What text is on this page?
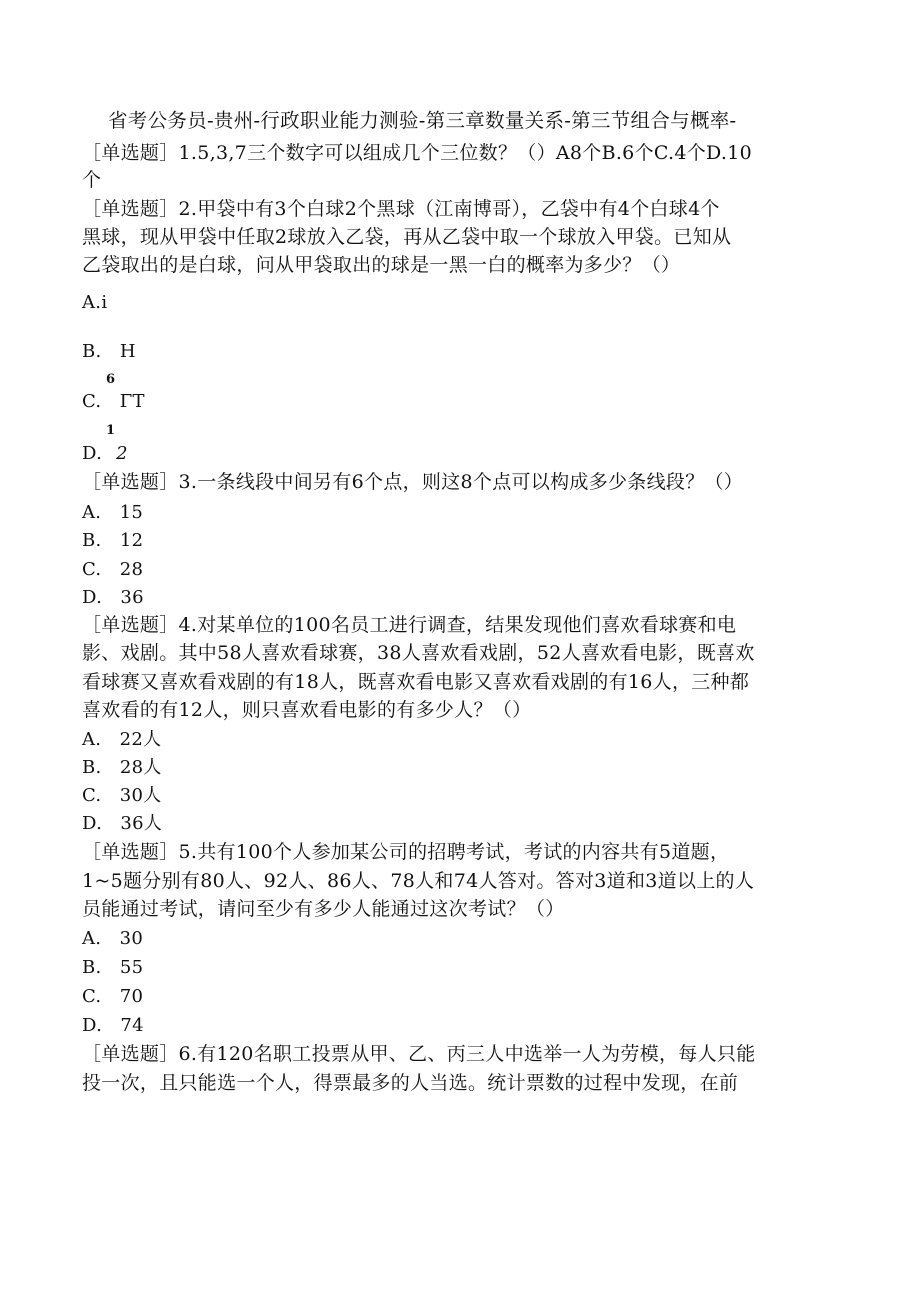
省考公务员-贵州-行政职业能力测验-第三章数量关系-第三节组合与概率-
［单选题］1.5,3,7三个数字可以组成几个三位数？（）A8个B.6个C.4个D.10
个
［单选题］2.甲袋中有3个白球2个黑球（江南博哥），乙袋中有4个白球4个
黑球，现从甲袋中任取2球放入乙袋，再从乙袋中取一个球放入甲袋。已知从
乙袋取出的是白球，问从甲袋取出的球是一黑一白的概率为多少？（）
A.i
B.　H
6
C.　ΓT
1
D. 2
［单选题］3.一条线段中间另有6个点，则这8个点可以构成多少条线段？（）
A.　15
B.　12
C.　28
D.　36
［单选题］4.对某单位的100名员工进行调查，结果发现他们喜欢看球赛和电
影、戏剧。其中58人喜欢看球赛，38人喜欢看戏剧，52人喜欢看电影，既喜欢
看球赛又喜欢看戏剧的有18人，既喜欢看电影又喜欢看戏剧的有16人，三种都
喜欢看的有12人，则只喜欢看电影的有多少人？（）
A.　22人
B.　28人
C.　30人
D.　36人
［单选题］5.共有100个人参加某公司的招聘考试，考试的内容共有5道题，
1~5题分别有80人、92人、86人、78人和74人答对。答对3道和3道以上的人
员能通过考试，请问至少有多少人能通过这次考试？（）
A.　30
B.　55
C.　70
D.　74
［单选题］6.有120名职工投票从甲、乙、丙三人中选举一人为劳模，每人只能
投一次，且只能选一个人，得票最多的人当选。统计票数的过程中发现，在前
